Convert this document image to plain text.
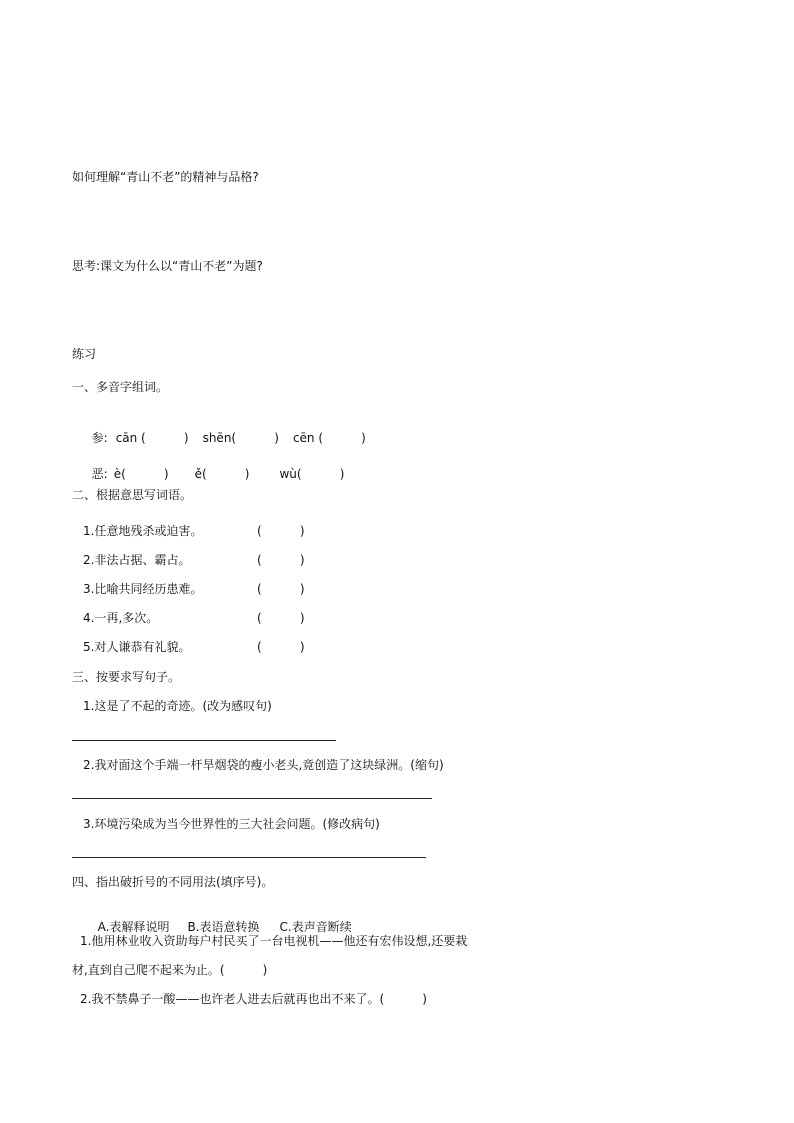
如何理解“青山不老”的精神与品格?
思考:课文为什么以“青山不老”为题?
练习
一、多音字组词。

参: cān (          ) shēn(          ) cēn (          )

恶: è(          ) ě(          )	wù(          )

二、根据意思写词语。
1.任意地残杀或迫害。	(          )
2.非法占据、霸占。	(          )
3.比喻共同经历患难。	(          )
4.一再,多次。	(          )
5.对人谦恭有礼貌。	(          )
三、按要求写句子。
1.这是了不起的奇迹。(改为感叹句)
2.我对面这个手端一杆旱烟袋的瘦小老头,竟创造了这块绿洲。(缩句)
3.环境污染成为当今世界性的三大社会问题。(修改病句)
四、指出破折号的不同用法(填序号)。

A.表解释说明 B.表语意转换 C.表声音断续

1.他用林业收入资助每户村民买了一台电视机——他还有宏伟设想,还要栽
材,直到自己爬不起来为止。(          )
2.我不禁鼻子一酸——也许老人进去后就再也出不来了。(          )
